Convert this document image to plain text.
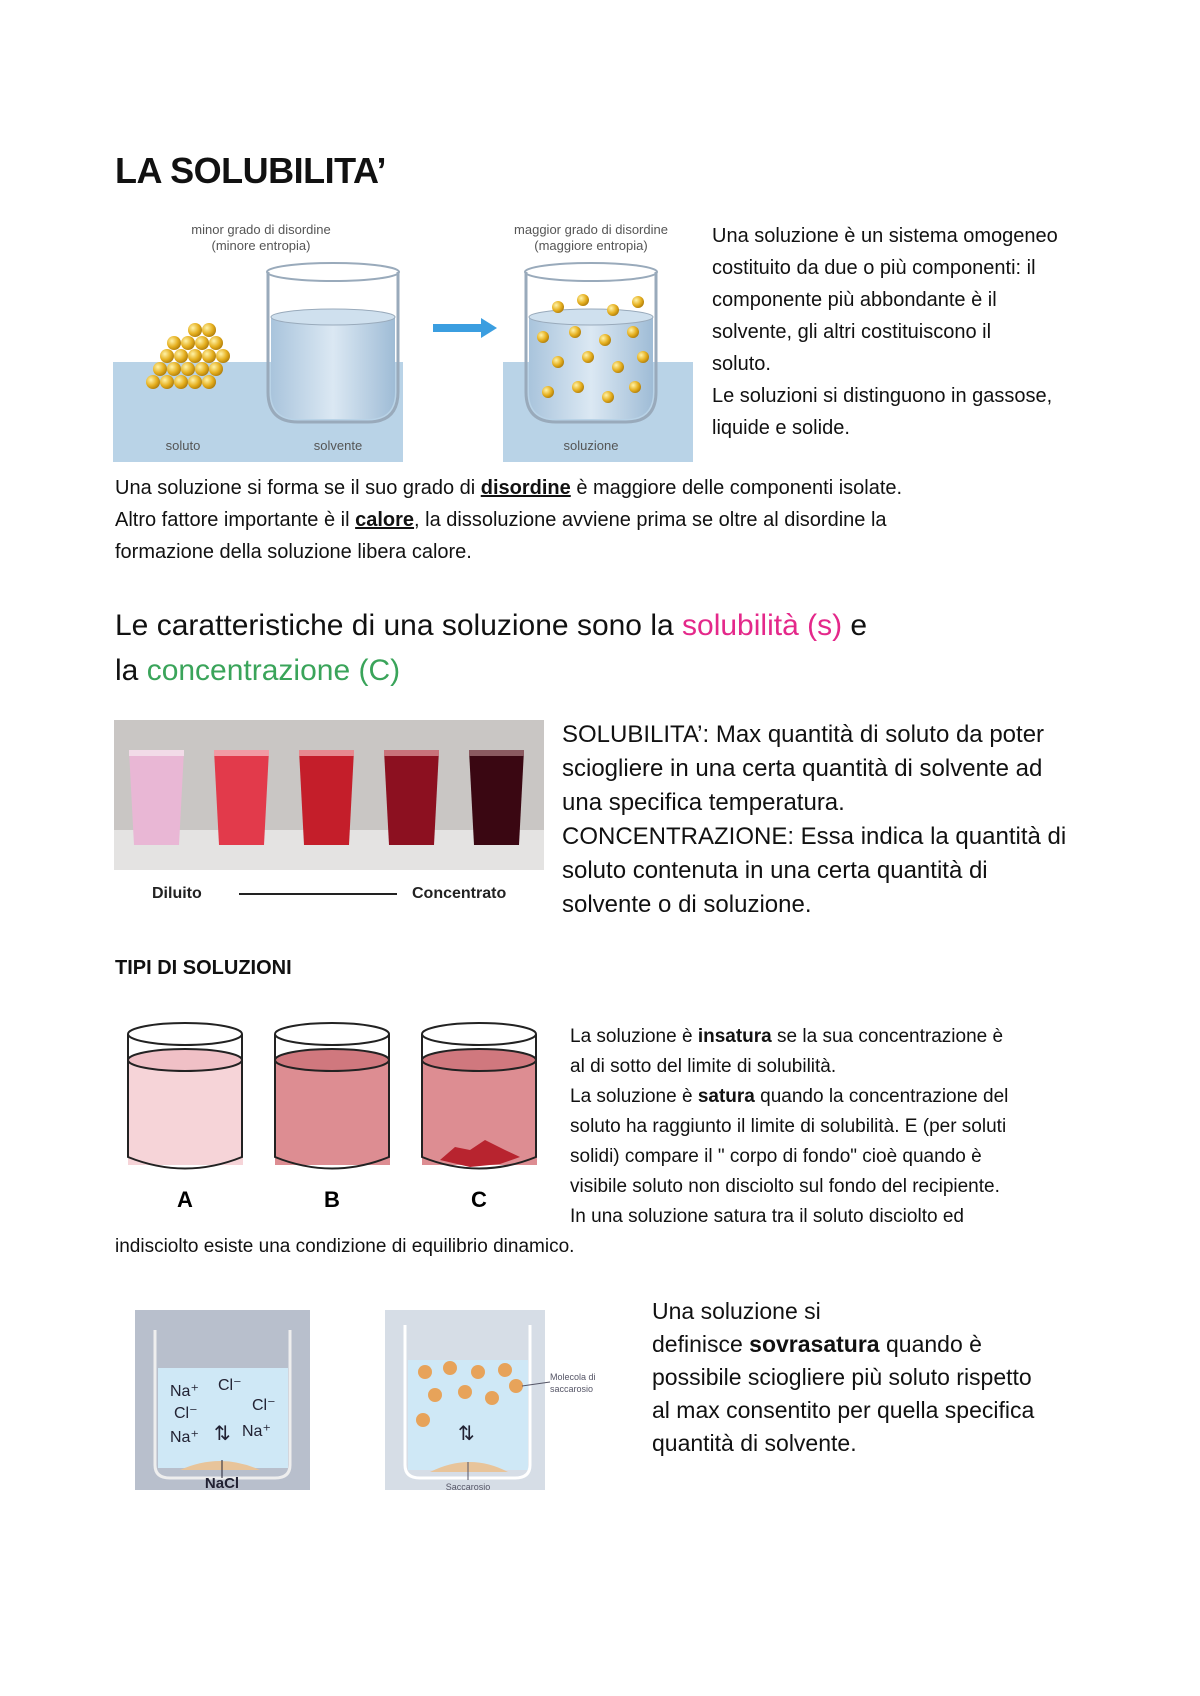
LA SOLUBILITA’
minor grado di disordine
(minore entropia)
maggior grado di disordine
(maggiore entropia)
soluto	solvente	soluzione
Una soluzione è un sistema omogeneo
costituito da due o più componenti: il
componente più abbondante è il
solvente, gli altri costituiscono il
soluto.
Le soluzioni si distinguono in gassose,
liquide e solide.
Una soluzione si forma se il suo grado di disordine è maggiore delle componenti isolate.
Altro fattore importante è il calore, la dissoluzione avviene prima se oltre al disordine la
formazione della soluzione libera calore.
Le caratteristiche di una soluzione sono la solubilità (s) e
la concentrazione (C)
Diluito	Concentrato
SOLUBILITA’: Max quantità di soluto da poter
sciogliere in una certa quantità di solvente ad
una specifica temperatura.
CONCENTRAZIONE: Essa indica la quantità di
soluto contenuta in una certa quantità di
solvente o di soluzione.
TIPI DI SOLUZIONI
A	B	C
La soluzione è insatura se la sua concentrazione è
al di sotto del limite di solubilità.
La soluzione è satura quando la concentrazione del
soluto ha raggiunto il limite di solubilità. E (per soluti
solidi) compare il " corpo di fondo" cioè quando è
visibile soluto non disciolto sul fondo del recipiente.
In una soluzione satura tra il soluto disciolto ed
indisciolto esiste una condizione di equilibrio dinamico.
Na⁺ Cl⁻
Cl⁻	Cl⁻
Na⁺	Na⁺
⇅
NaCl
⇅
Molecola di
saccarosio
Saccarosio
Una soluzione si
definisce sovrasatura quando è
possibile sciogliere più soluto rispetto
al max consentito per quella specifica
quantità di solvente.
